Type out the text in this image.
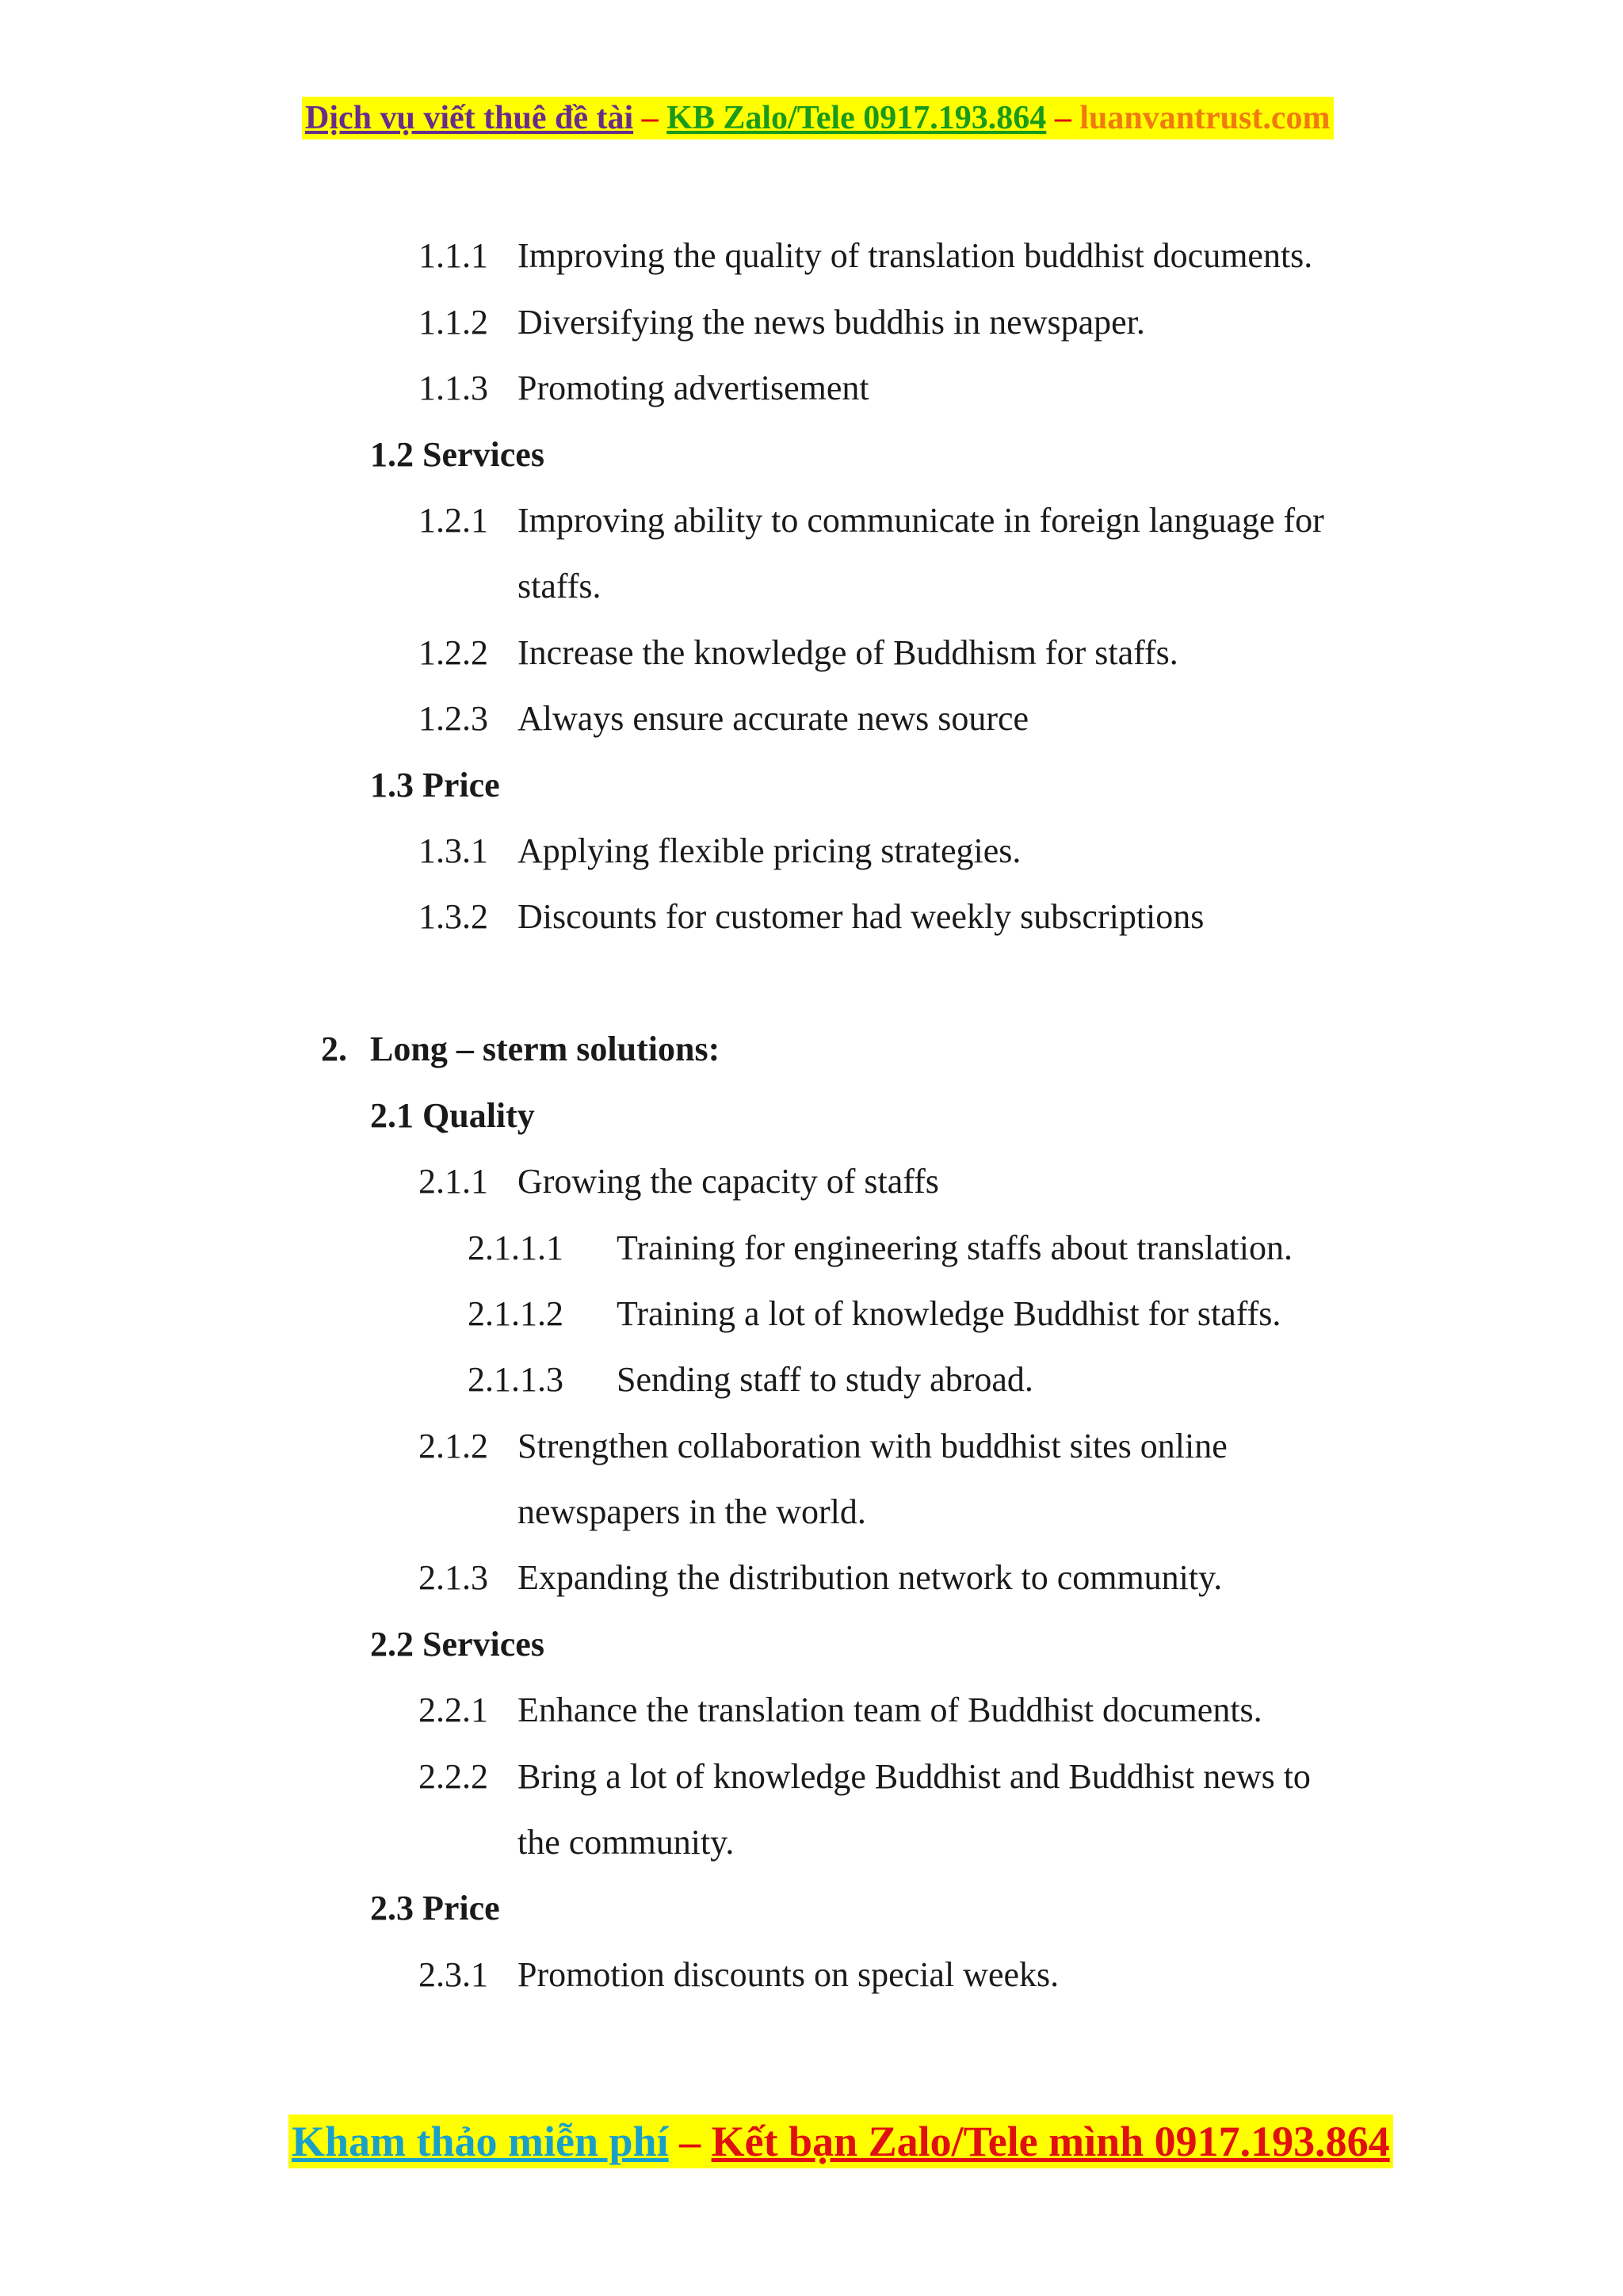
Dịch vụ viết thuê đề tài – KB Zalo/Tele 0917.193.864 – luanvantrust.com
1.1.1 Improving the quality of translation buddhist documents.
1.1.2 Diversifying the news buddhis in newspaper.
1.1.3 Promoting advertisement
1.2 Services
1.2.1 Improving ability to communicate in foreign language for
staffs.
1.2.2 Increase the knowledge of Buddhism for staffs.
1.2.3 Always ensure accurate news source
1.3 Price
1.3.1 Applying flexible pricing strategies.
1.3.2 Discounts for customer had weekly subscriptions
2. Long – sterm solutions:
2.1 Quality
2.1.1 Growing the capacity of staffs
2.1.1.1 Training for engineering staffs about translation.
2.1.1.2 Training a lot of knowledge Buddhist for staffs.
2.1.1.3 Sending staff to study abroad.
2.1.2 Strengthen collaboration with buddhist sites online
newspapers in the world.
2.1.3 Expanding the distribution network to community.
2.2 Services
2.2.1 Enhance the translation team of Buddhist documents.
2.2.2 Bring a lot of knowledge Buddhist and Buddhist news to
the community.
2.3 Price
2.3.1 Promotion discounts on special weeks.
Kham thảo miễn phí – Kết bạn Zalo/Tele mình 0917.193.864
